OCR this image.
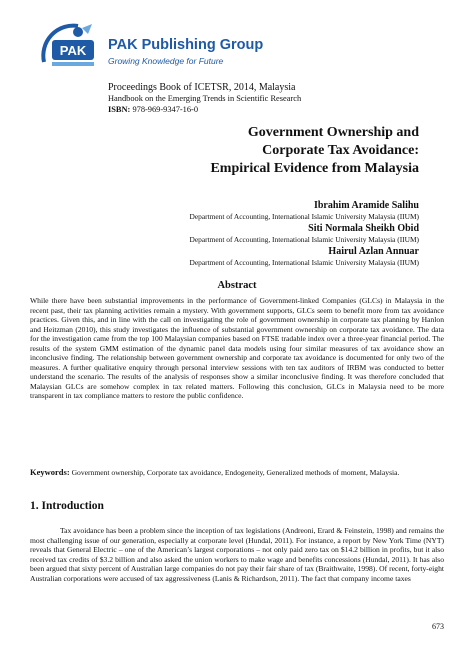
PAK PAK Publishing Group
Growing Knowledge for Future
Proceedings Book of ICETSR, 2014, Malaysia
Handbook on the Emerging Trends in Scientific Research
ISBN: 978-969-9347-16-0
Government Ownership and
Corporate Tax Avoidance:
Empirical Evidence from Malaysia
Ibrahim Aramide Salihu
Department of Accounting, International Islamic University Malaysia (IIUM)
Siti Normala Sheikh Obid
Department of Accounting, International Islamic University Malaysia (IIUM)
Hairul Azlan Annuar
Department of Accounting, International Islamic University Malaysia (IIUM)
Abstract
While there have been substantial improvements in the performance of Government-linked Companies (GLCs) in Malaysia in the recent past, their tax planning activities remain a mystery. With government supports, GLCs seem to benefit more from tax avoidance practices. Given this, and in line with the call on investigating the role of government ownership in corporate tax planning by Hanlon and Heitzman (2010), this study investigates the influence of substantial government ownership on corporate tax avoidance. The data for the investigation came from the top 100 Malaysian companies based on FTSE tradable index over a three-year financial period. The results of the system GMM estimation of the dynamic panel data models using four similar measures of tax avoidance show an inconclusive finding. The relationship between government ownership and corporate tax avoidance is documented for only two of the measures. A further qualitative enquiry through personal interview sessions with ten tax auditors of IRBM was conducted to better understand the scenario. The results of the analysis of responses show a similar inconclusive finding. It was therefore concluded that Malaysian GLCs are somehow complex in tax related matters. Following this conclusion, GLCs in Malaysia need to be more transparent in tax compliance matters to restore the public confidence.
Keywords: Government ownership, Corporate tax avoidance, Endogeneity, Generalized methods of moment, Malaysia.
1. Introduction
Tax avoidance has been a problem since the inception of tax legislations (Andreoni, Erard & Feinstein, 1998) and remains the most challenging issue of our generation, especially at corporate level (Hundal, 2011). For instance, a report by New York Time (NYT) reveals that General Electric – one of the American’s largest corporations – not only paid zero tax on $14.2 billion in profits, but it also received tax credits of $3.2 billion and also asked the union workers to make wage and benefits concessions (Hundal, 2011). It has also been argued that sixty percent of Australian large companies do not pay their fair share of tax (Braithwaite, 1998). Of recent, forty-eight Australian corporations were accused of tax aggressiveness (Lanis & Richardson, 2011). The fact that company income taxes
673
